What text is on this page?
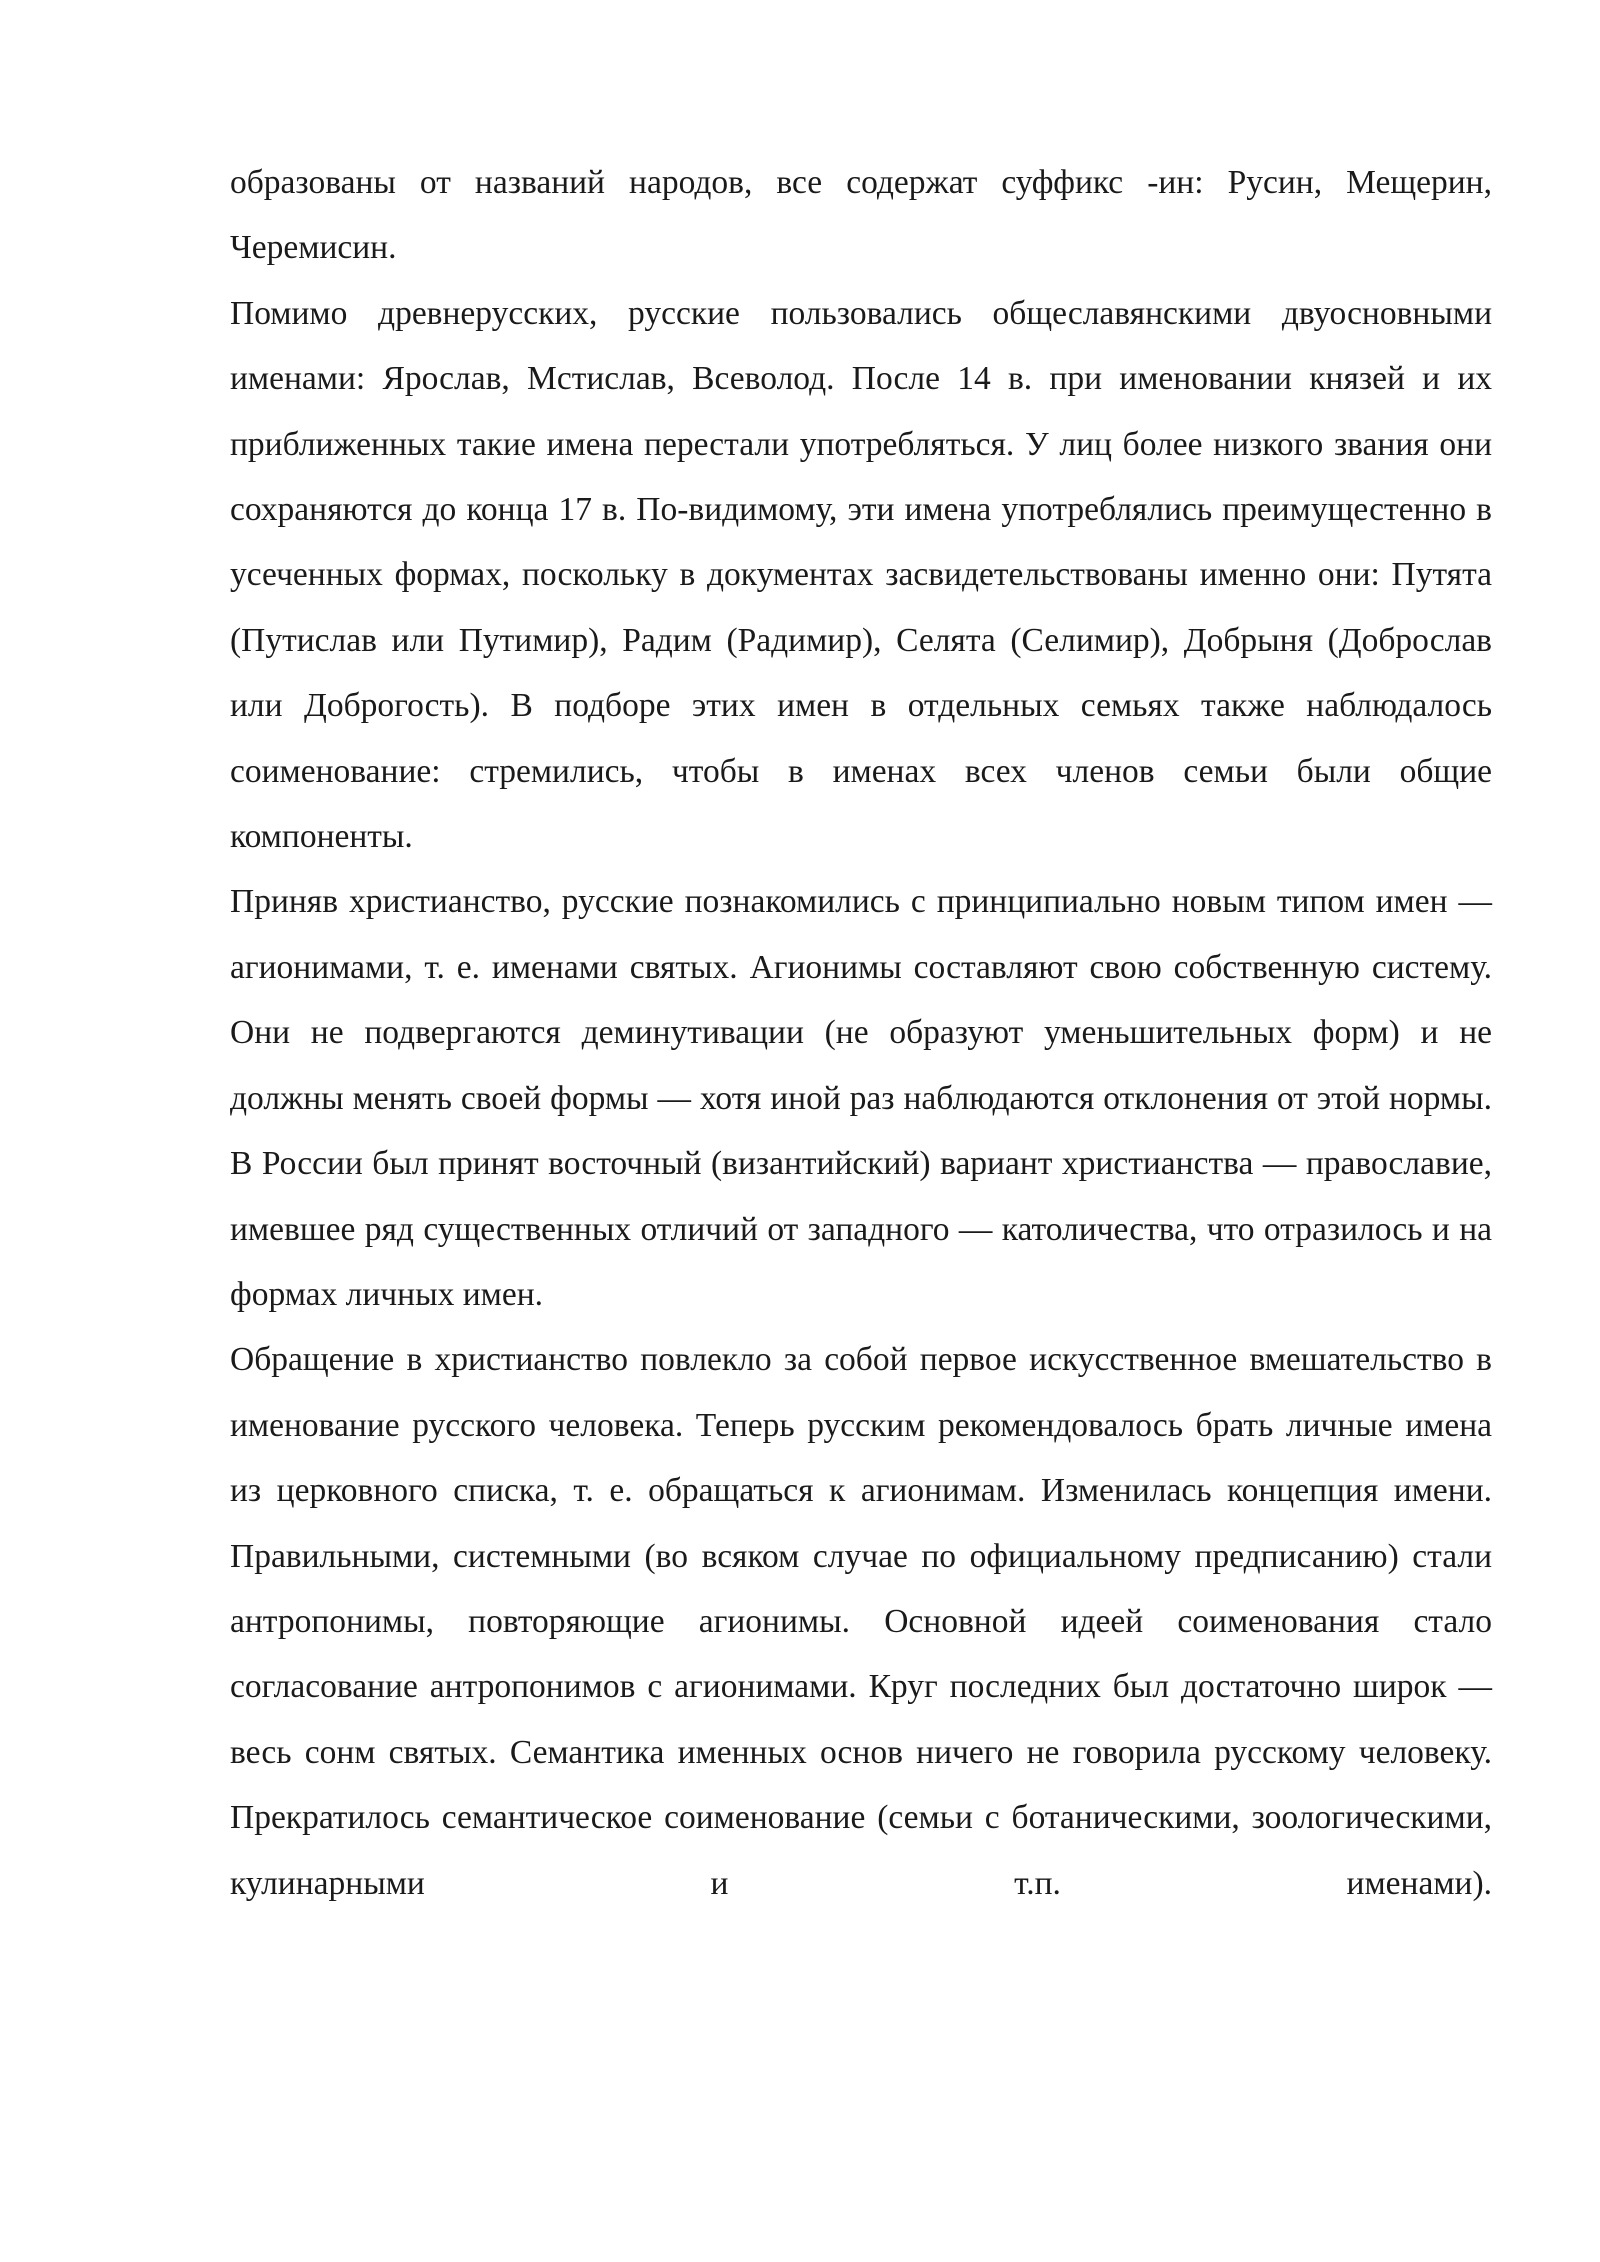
образованы от названий народов, все содержат суффикс -ин: Русин, Мещерин, Черемисин.

Помимо древнерусских, русские пользовались общеславянскими двуосновными именами: Ярослав, Мстислав, Всеволод. После 14 в. при именовании князей и их приближенных такие имена перестали употребляться. У лиц более низкого звания они сохраняются до конца 17 в. По-видимому, эти имена употреблялись преимущестенно в усеченных формах, поскольку в документах засвидетельствованы именно они: Путята (Путислав или Путимир), Радим (Радимир), Селята (Селимир), Добрыня (Доброслав или Доброгость). В подборе этих имен в отдельных семьях также наблюдалось соименование: стремились, чтобы в именах всех членов семьи были общие компоненты.

Приняв христианство, русские познакомились с принципиально новым типом имен — агионимами, т. е. именами святых. Агионимы составляют свою собственную систему. Они не подвергаются деминутивации (не образуют уменьшительных форм) и не должны менять своей формы — хотя иной раз наблюдаются отклонения от этой нормы. В России был принят восточный (византийский) вариант христианства — православие, имевшее ряд существенных отличий от западного — католичества, что отразилось и на формах личных имен.

Обращение в христианство повлекло за собой первое искусственное вмешательство в именование русского человека. Теперь русским рекомендовалось брать личные имена из церковного списка, т. е. обращаться к агионимам. Изменилась концепция имени. Правильными, системными (во всяком случае по официальному предписанию) стали антропонимы, повторяющие агионимы. Основной идеей соименования стало согласование антропонимов с агионимами. Круг последних был достаточно широк — весь сонм святых. Семантика именных основ ничего не говорила русскому человеку. Прекратилось семантическое соименование (семьи с ботаническими, зоологическими, кулинарными и т.п. именами).
